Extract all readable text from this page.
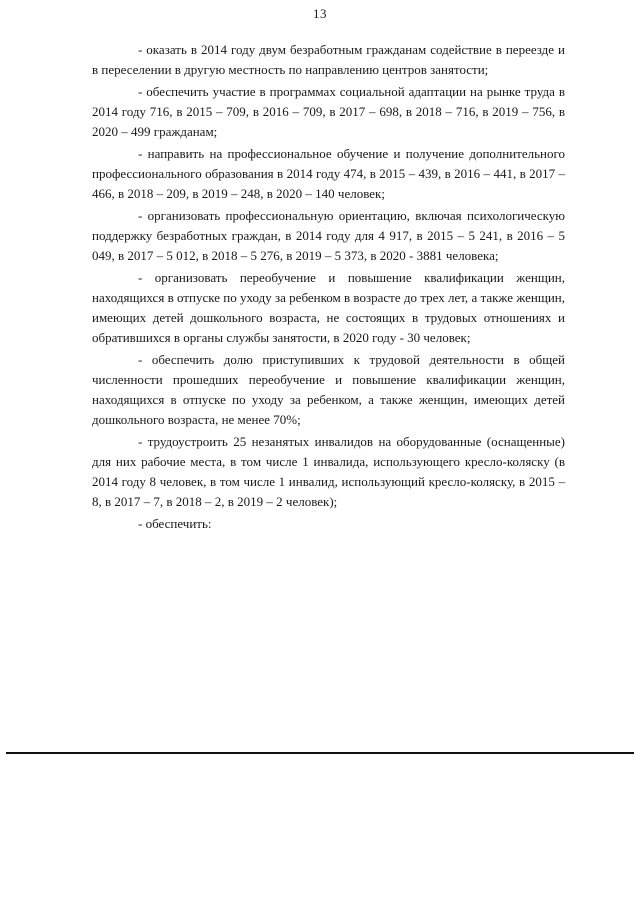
13

- оказать в 2014 году двум безработным гражданам содействие в переезде и в переселении в другую местность по направлению центров занятости;

- обеспечить участие в программах социальной адаптации на рынке труда в 2014 году 716, в 2015 – 709, в 2016 – 709, в 2017 – 698, в 2018 – 716, в 2019 – 756, в 2020 – 499 гражданам;

- направить на профессиональное обучение и получение дополнительного профессионального образования в 2014 году 474, в 2015 – 439, в 2016 – 441, в 2017 – 466, в 2018 – 209, в 2019 – 248, в 2020 – 140 человек;

- организовать профессиональную ориентацию, включая психологическую поддержку безработных граждан, в 2014 году для 4 917, в 2015 – 5 241, в 2016 – 5 049, в 2017 – 5 012, в 2018 – 5 276, в 2019 – 5 373, в 2020 - 3881 человека;

- организовать переобучение и повышение квалификации женщин, находящихся в отпуске по уходу за ребенком в возрасте до трех лет, а также женщин, имеющих детей дошкольного возраста, не состоящих в трудовых отношениях и обратившихся в органы службы занятости, в 2020 году - 30 человек;

- обеспечить долю приступивших к трудовой деятельности в общей численности прошедших переобучение и повышение квалификации женщин, находящихся в отпуске по уходу за ребенком, а также женщин, имеющих детей дошкольного возраста, не менее 70%;

- трудоустроить 25 незанятых инвалидов на оборудованные (оснащенные) для них рабочие места, в том числе 1 инвалида, использующего кресло-коляску (в 2014 году 8 человек, в том числе 1 инвалид, использующий кресло-коляску, в 2015 – 8, в 2017 – 7, в 2018 – 2, в 2019 – 2 человек);

- обеспечить:
